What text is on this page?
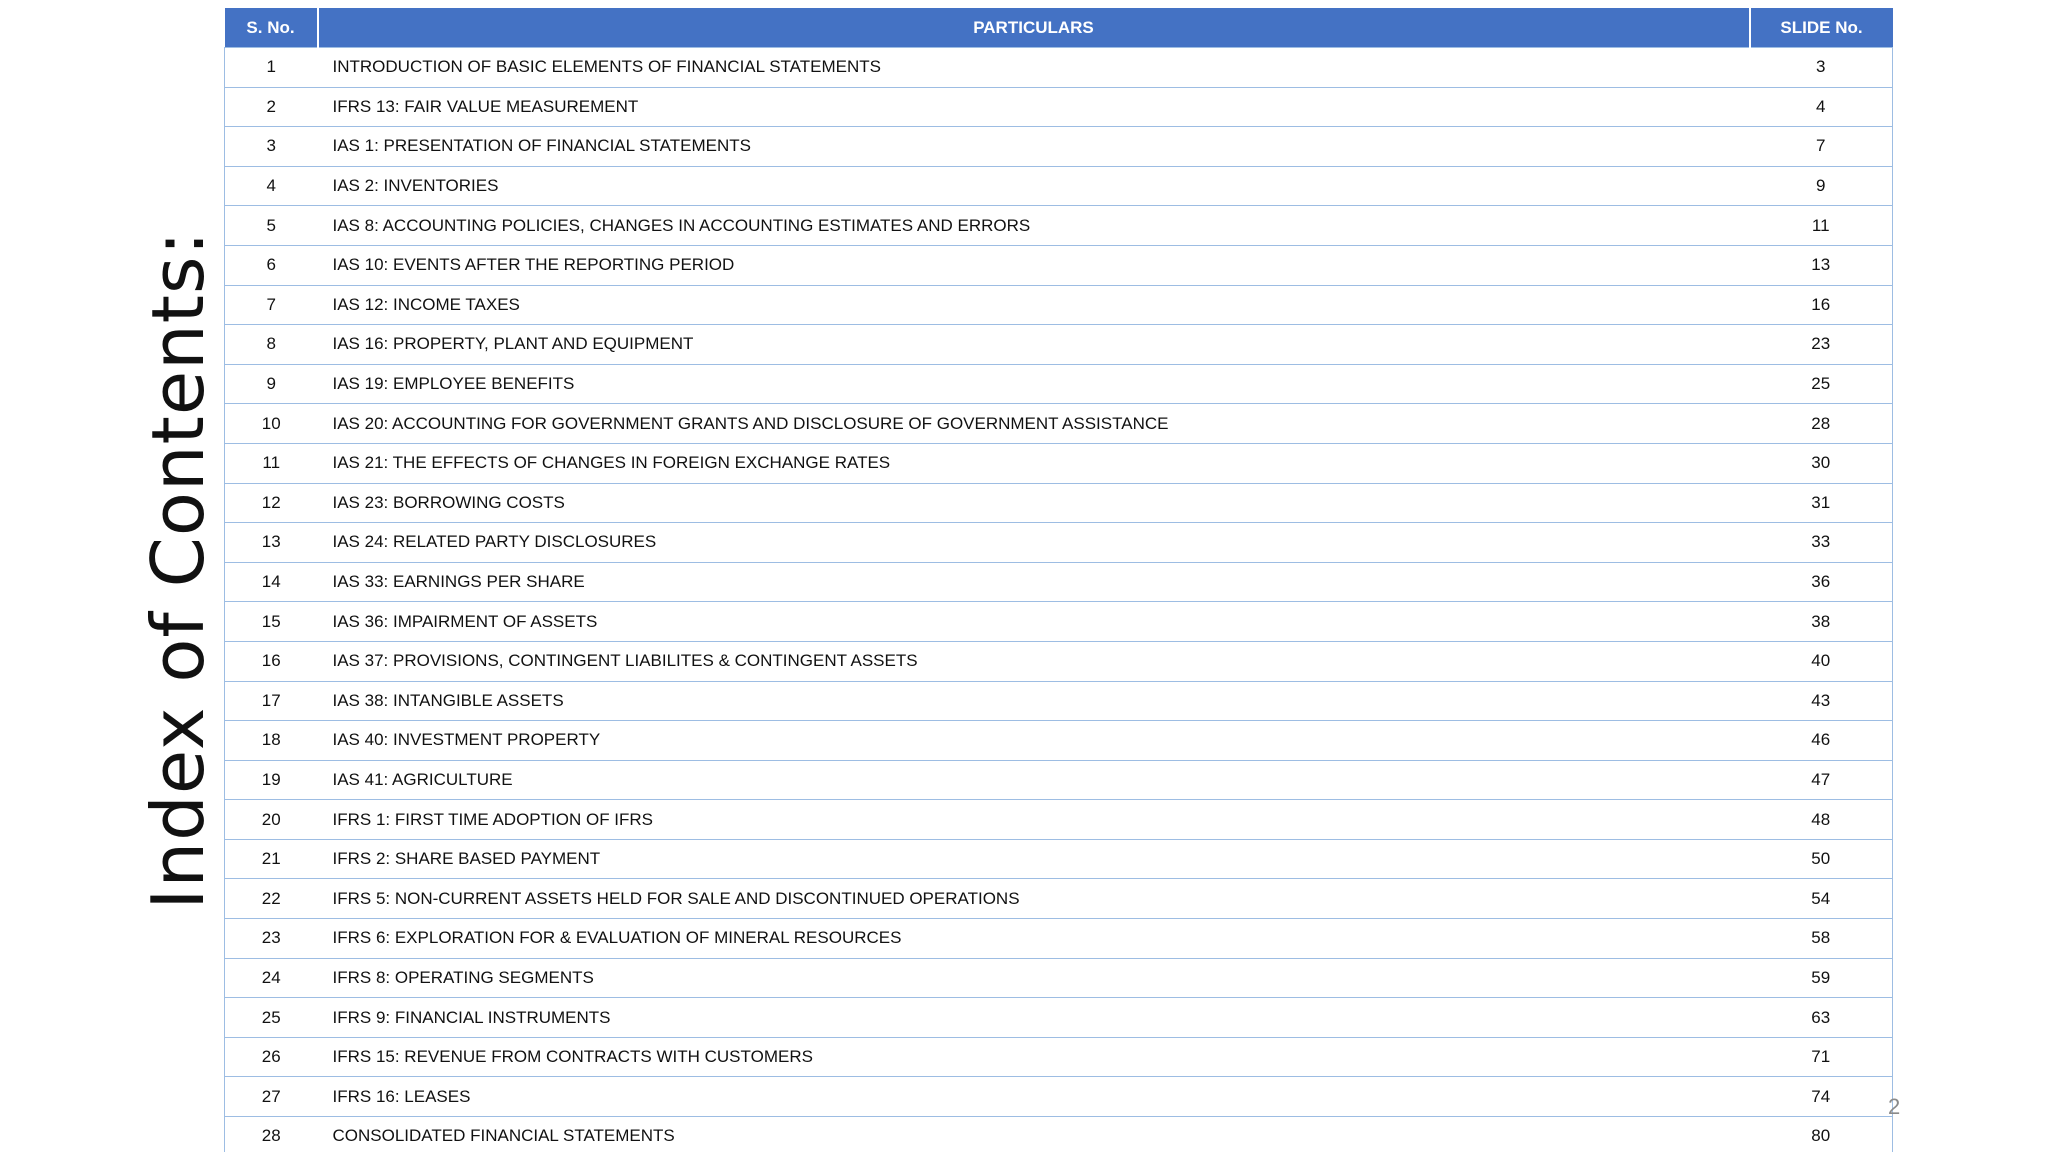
Index of Contents:
S. No.	PARTICULARS	SLIDE No.
1	INTRODUCTION OF BASIC ELEMENTS OF FINANCIAL STATEMENTS	3
2	IFRS 13: FAIR VALUE MEASUREMENT	4
3	IAS 1: PRESENTATION OF FINANCIAL STATEMENTS	7
4	IAS 2: INVENTORIES	9
5	IAS 8: ACCOUNTING POLICIES, CHANGES IN ACCOUNTING ESTIMATES AND ERRORS	11
6	IAS 10: EVENTS AFTER THE REPORTING PERIOD	13
7	IAS 12: INCOME TAXES	16
8	IAS 16: PROPERTY, PLANT AND EQUIPMENT	23
9	IAS 19: EMPLOYEE BENEFITS	25
10	IAS 20: ACCOUNTING FOR GOVERNMENT GRANTS AND DISCLOSURE OF GOVERNMENT ASSISTANCE	28
11	IAS 21: THE EFFECTS OF CHANGES IN FOREIGN EXCHANGE RATES	30
12	IAS 23: BORROWING COSTS	31
13	IAS 24: RELATED PARTY DISCLOSURES	33
14	IAS 33: EARNINGS PER SHARE	36
15	IAS 36: IMPAIRMENT OF ASSETS	38
16	IAS 37: PROVISIONS, CONTINGENT LIABILITES & CONTINGENT ASSETS	40
17	IAS 38: INTANGIBLE ASSETS	43
18	IAS 40: INVESTMENT PROPERTY	46
19	IAS 41: AGRICULTURE	47
20	IFRS 1: FIRST TIME ADOPTION OF IFRS	48
21	IFRS 2: SHARE BASED PAYMENT	50
22	IFRS 5: NON-CURRENT ASSETS HELD FOR SALE AND DISCONTINUED OPERATIONS	54
23	IFRS 6: EXPLORATION FOR & EVALUATION OF MINERAL RESOURCES	58
24	IFRS 8: OPERATING SEGMENTS	59
25	IFRS 9: FINANCIAL INSTRUMENTS	63
26	IFRS 15: REVENUE FROM CONTRACTS WITH CUSTOMERS	71
27	IFRS 16: LEASES	74
28	CONSOLIDATED FINANCIAL STATEMENTS	80
2
